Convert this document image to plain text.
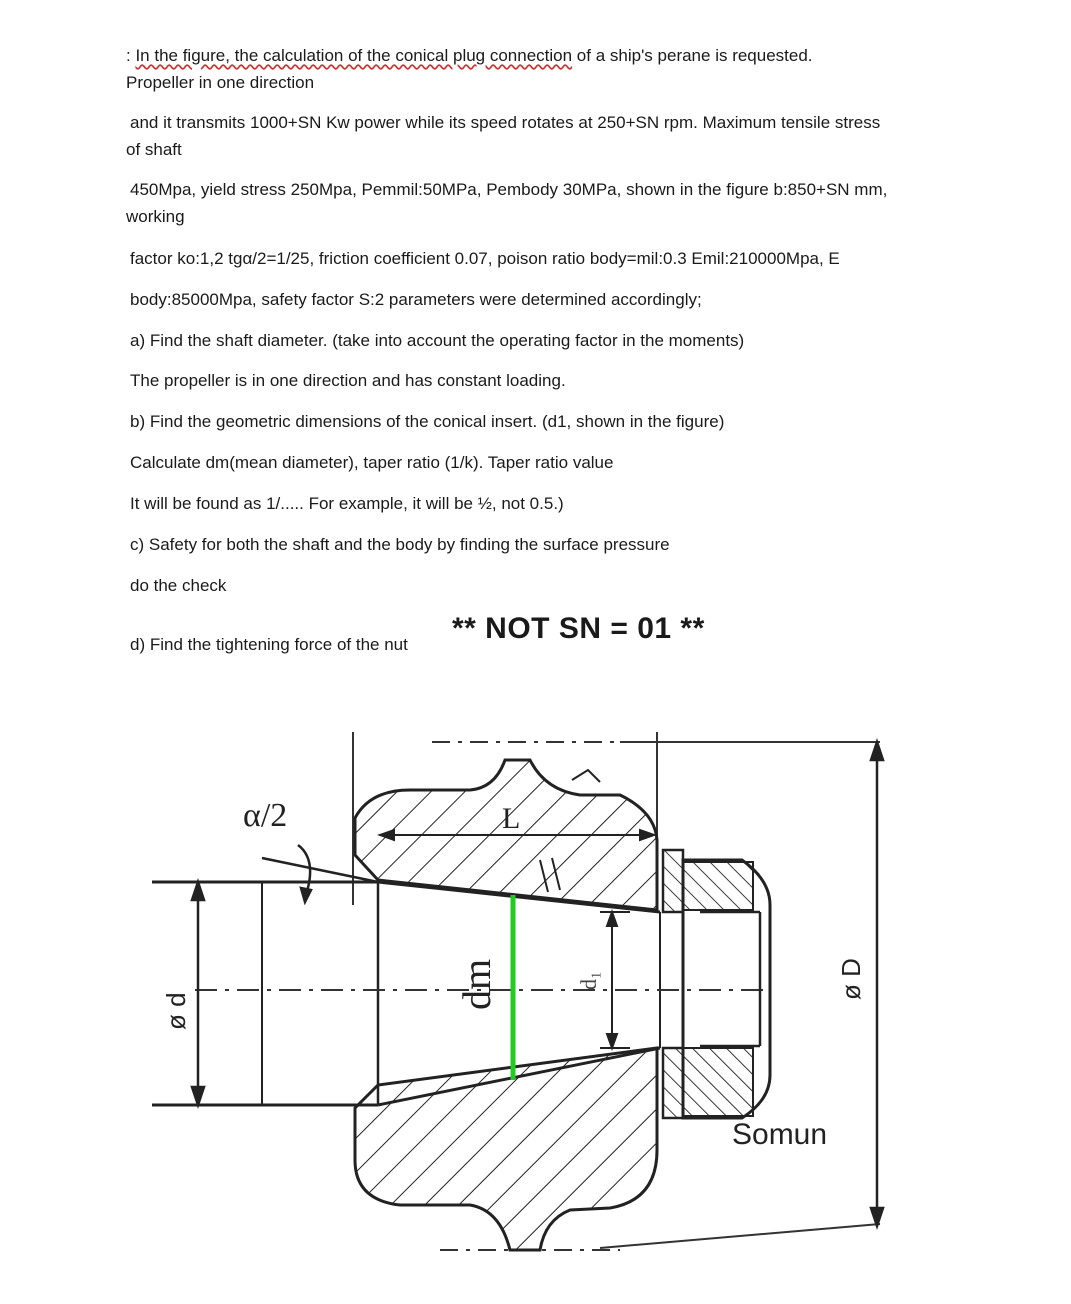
: In the figure, the calculation of the conical plug connection of a ship's perane is requested.
Propeller in one direction
and it transmits 1000+SN Kw power while its speed rotates at 250+SN rpm. Maximum tensile stress
of shaft
450Mpa, yield stress 250Mpa, Pemmil:50MPa, Pembody 30MPa, shown in the figure b:850+SN mm,
working
factor ko:1,2 tgα/2=1/25, friction coefficient 0.07, poison ratio body=mil:0.3 Emil:210000Mpa, E
body:85000Mpa, safety factor S:2 parameters were determined accordingly;
a) Find the shaft diameter. (take into account the operating factor in the moments)
The propeller is in one direction and has constant loading.
b) Find the geometric dimensions of the conical insert. (d1, shown in the figure)
Calculate dm(mean diameter), taper ratio (1/k). Taper ratio value
It will be found as 1/..... For example, it will be ½, not 0.5.)
c) Safety for both the shaft and the body by finding the surface pressure
do the check
d) Find the tightening force of the nut ** NOT SN = 01 **
α/2	L
dm	d₁
ø d
ø D
Somun
